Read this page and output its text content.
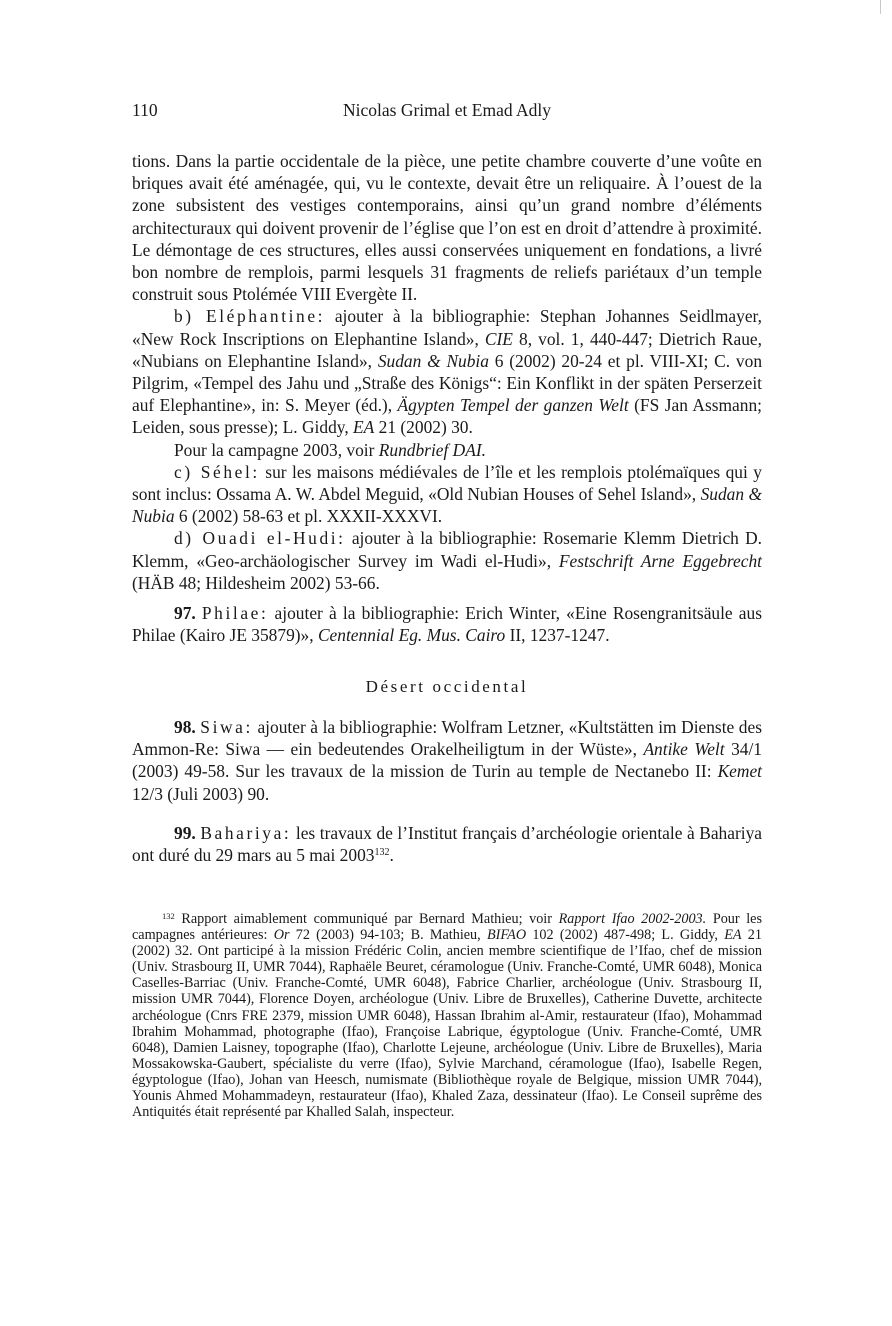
110	Nicolas Grimal et Emad Adly

tions. Dans la partie occidentale de la pièce, une petite chambre couverte d’une voûte en briques avait été aménagée, qui, vu le contexte, devait être un reliquaire. À l’ouest de la zone subsistent des vestiges contemporains, ainsi qu’un grand nombre d’éléments architecturaux qui doivent provenir de l’église que l’on est en droit d’attendre à proximité. Le démontage de ces structures, elles aussi conservées uniquement en fondations, a livré bon nombre de remplois, parmi lesquels 31 fragments de reliefs pariétaux d’un temple construit sous Ptolémée VIII Evergète II.

b) Eléphantine: ajouter à la bibliographie: Stephan Johannes Seidlmayer, «New Rock Inscriptions on Elephantine Island», CIE 8, vol. 1, 440-447; Dietrich Raue, «Nubians on Elephantine Island», Sudan & Nubia 6 (2002) 20-24 et pl. VIII-XI; C. von Pilgrim, «Tempel des Jahu und „Straße des Königs“: Ein Konflikt in der späten Perserzeit auf Elephantine», in: S. Meyer (éd.), Ägypten Tempel der ganzen Welt (FS Jan Assmann; Leiden, sous presse); L. Giddy, EA 21 (2002) 30.

Pour la campagne 2003, voir Rundbrief DAI.

c) Séhel: sur les maisons médiévales de l’île et les remplois ptolémaïques qui y sont inclus: Ossama A. W. Abdel Meguid, «Old Nubian Houses of Sehel Island», Sudan & Nubia 6 (2002) 58-63 et pl. XXXII-XXXVI.

d) Ouadi el-Hudi: ajouter à la bibliographie: Rosemarie Klemm Dietrich D. Klemm, «Geo-archäologischer Survey im Wadi el-Hudi», Festschrift Arne Eggebrecht (HÄB 48; Hildesheim 2002) 53-66.

97. Philae: ajouter à la bibliographie: Erich Winter, «Eine Rosengranitsäule aus Philae (Kairo JE 35879)», Centennial Eg. Mus. Cairo II, 1237-1247.

Désert occidental

98. Siwa: ajouter à la bibliographie: Wolfram Letzner, «Kultstätten im Dienste des Ammon-Re: Siwa — ein bedeutendes Orakelheiligtum in der Wüste», Antike Welt 34/1 (2003) 49-58. Sur les travaux de la mission de Turin au temple de Nectanebo II: Kemet 12/3 (Juli 2003) 90.

99. Bahariya: les travaux de l’Institut français d’archéologie orientale à Bahariya ont duré du 29 mars au 5 mai 2003$^{132}$.

$^{132}$ Rapport aimablement communiqué par Bernard Mathieu; voir Rapport Ifao 2002-2003. Pour les campagnes antérieures: Or 72 (2003) 94-103; B. Mathieu, BIFAO 102 (2002) 487-498; L. Giddy, EA 21 (2002) 32. Ont participé à la mission Frédéric Colin, ancien membre scientifique de l’Ifao, chef de mission (Univ. Strasbourg II, UMR 7044), Raphaële Beuret, céramologue (Univ. Franche-Comté, UMR 6048), Monica Caselles-Barriac (Univ. Franche-Comté, UMR 6048), Fabrice Charlier, archéologue (Univ. Strasbourg II, mission UMR 7044), Florence Doyen, archéologue (Univ. Libre de Bruxelles), Catherine Duvette, architecte archéologue (Cnrs FRE 2379, mission UMR 6048), Hassan Ibrahim al-Amir, restaurateur (Ifao), Mohammad Ibrahim Mohammad, photographe (Ifao), Françoise Labrique, égyptologue (Univ. Franche-Comté, UMR 6048), Damien Laisney, topographe (Ifao), Charlotte Lejeune, archéologue (Univ. Libre de Bruxelles), Maria Mossakowska-Gaubert, spécialiste du verre (Ifao), Sylvie Marchand, céramologue (Ifao), Isabelle Regen, égyptologue (Ifao), Johan van Heesch, numismate (Bibliothèque royale de Belgique, mission UMR 7044), Younis Ahmed Mohammadeyn, restaurateur (Ifao), Khaled Zaza, dessinateur (Ifao). Le Conseil suprême des Antiquités était représenté par Khalled Salah, inspecteur.
